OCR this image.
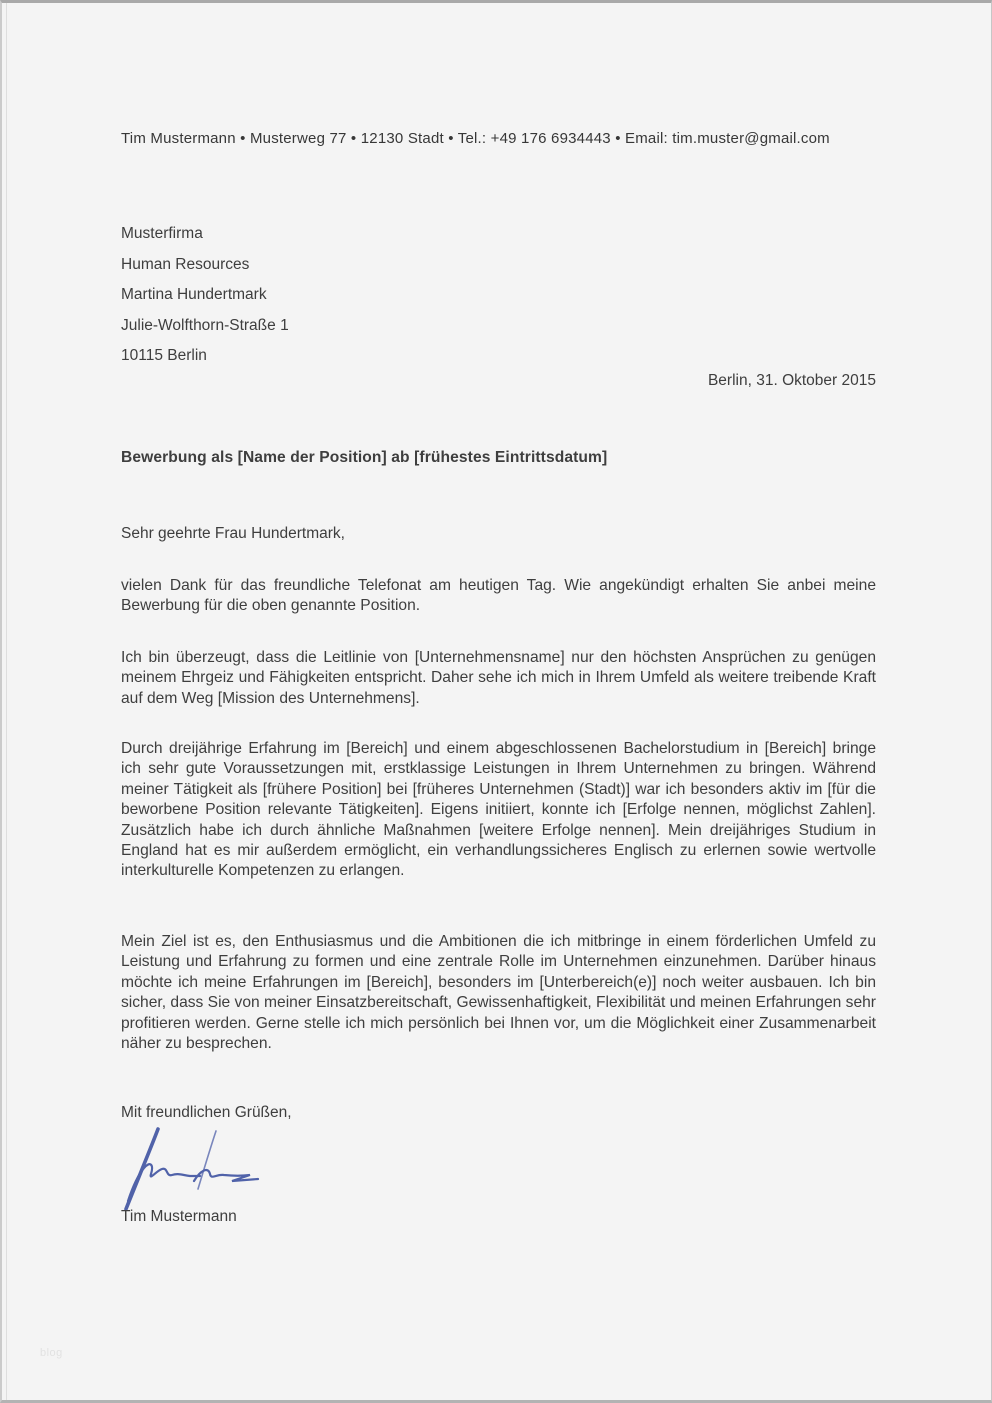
Tim Mustermann • Musterweg 77 • 12130 Stadt • Tel.: +49 176 6934443 • Email: tim.muster@gmail.com
Musterfirma
Human Resources
Martina Hundertmark
Julie-Wolfthorn-Straße 1
10115 Berlin
Berlin, 31. Oktober 2015
Bewerbung als [Name der Position] ab [frühestes Eintrittsdatum]
Sehr geehrte Frau Hundertmark,

vielen Dank für das freundliche Telefonat am heutigen Tag. Wie angekündigt erhalten Sie anbei meine Bewerbung für die oben genannte Position.

Ich bin überzeugt, dass die Leitlinie von [Unternehmensname] nur den höchsten Ansprüchen zu genügen meinem Ehrgeiz und Fähigkeiten entspricht. Daher sehe ich mich in Ihrem Umfeld als weitere treibende Kraft auf dem Weg [Mission des Unternehmens].

Durch dreijährige Erfahrung im [Bereich] und einem abgeschlossenen Bachelorstudium in [Bereich] bringe ich sehr gute Voraussetzungen mit, erstklassige Leistungen in Ihrem Unternehmen zu bringen. Während meiner Tätigkeit als [frühere Position] bei [früheres Unternehmen (Stadt)] war ich besonders aktiv im [für die beworbene Position relevante Tätigkeiten]. Eigens initiiert, konnte ich [Erfolge nennen, möglichst Zahlen]. Zusätzlich habe ich durch ähnliche Maßnahmen [weitere Erfolge nennen]. Mein dreijähriges Studium in England hat es mir außerdem ermöglicht, ein verhandlungssicheres Englisch zu erlernen sowie wertvolle interkulturelle Kompetenzen zu erlangen.

Mein Ziel ist es, den Enthusiasmus und die Ambitionen die ich mitbringe in einem förderlichen Umfeld zu Leistung und Erfahrung zu formen und eine zentrale Rolle im Unternehmen einzunehmen. Darüber hinaus möchte ich meine Erfahrungen im [Bereich], besonders im [Unterbereich(e)] noch weiter ausbauen. Ich bin sicher, dass Sie von meiner Einsatzbereitschaft, Gewissenhaftigkeit, Flexibilität und meinen Erfahrungen sehr profitieren werden. Gerne stelle ich mich persönlich bei Ihnen vor, um die Möglichkeit einer Zusammenarbeit näher zu besprechen.

Mit freundlichen Grüßen,
Tim Mustermann
blog
